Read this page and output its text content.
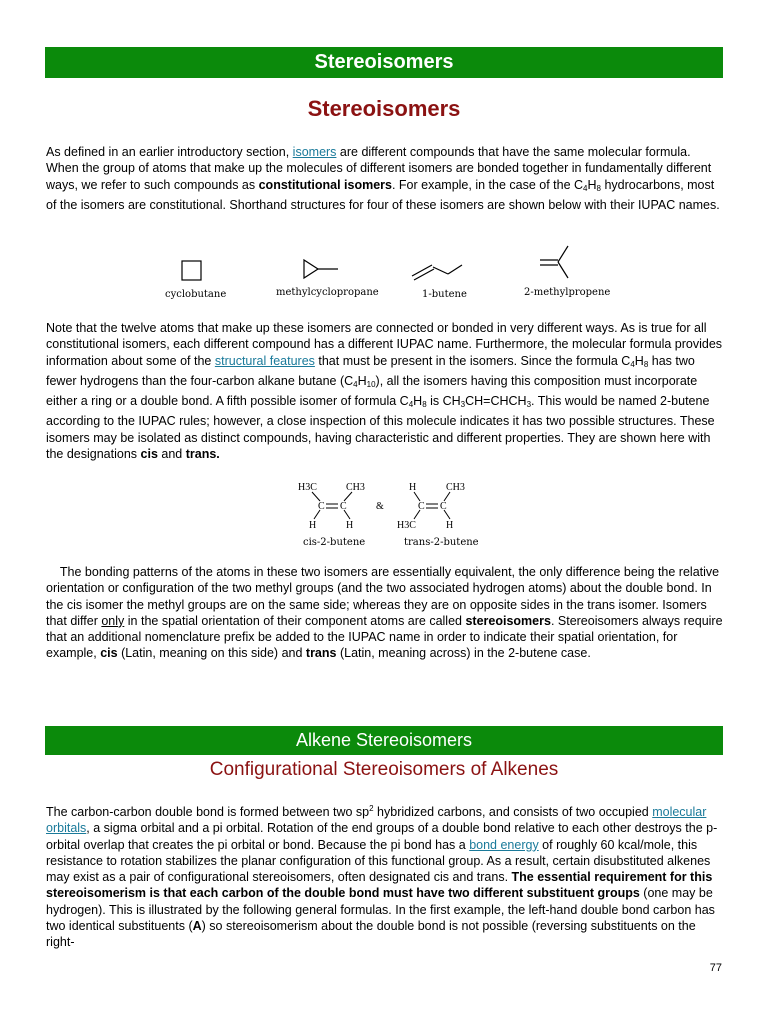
Stereoisomers
Stereoisomers

As defined in an earlier introductory section, isomers are different compounds that have the same molecular formula. When the group of atoms that make up the molecules of different isomers are bonded together in fundamentally different ways, we refer to such compounds as constitutional isomers. For example, in the case of the $C_4H_8$ hydrocarbons, most of the isomers are constitutional. Shorthand structures for four of these isomers are shown below with their IUPAC names.

cyclobutane	methylcyclopropane	1-butene	2-methylpropene

Note that the twelve atoms that make up these isomers are connected or bonded in very different ways. As is true for all constitutional isomers, each different compound has a different IUPAC name. Furthermore, the molecular formula provides information about some of the structural features that must be present in the isomers. Since the formula $C_4H_8$ has two fewer hydrogens than the four-carbon alkane butane $(C_4H_{10})$, all the isomers having this composition must incorporate either a ring or a double bond. A fifth possible isomer of formula $C_4H_8$ is $CH_3CH=CHCH_3$. This would be named 2-butene according to the IUPAC rules; however, a close inspection of this molecule indicates it has two possible structures. These isomers may be isolated as distinct compounds, having characteristic and different properties. They are shown here with the designations cis and trans.

H3C	CH3
C C
H	H
cis-2-butene
&
H	CH3
C C
H3C	H
trans-2-butene

The bonding patterns of the atoms in these two isomers are essentially equivalent, the only difference being the relative orientation or configuration of the two methyl groups (and the two associated hydrogen atoms) about the double bond. In the cis isomer the methyl groups are on the same side; whereas they are on opposite sides in the trans isomer. Isomers that differ only in the spatial orientation of their component atoms are called stereoisomers. Stereoisomers always require that an additional nomenclature prefix be added to the IUPAC name in order to indicate their spatial orientation, for example, cis (Latin, meaning on this side) and trans (Latin, meaning across) in the 2-butene case.

Alkene Stereoisomers
Configurational Stereoisomers of Alkenes

The carbon-carbon double bond is formed between two $sp^2$ hybridized carbons, and consists of two occupied molecular orbitals, a sigma orbital and a pi orbital. Rotation of the end groups of a double bond relative to each other destroys the p-orbital overlap that creates the pi orbital or bond. Because the pi bond has a bond energy of roughly 60 kcal/mole, this resistance to rotation stabilizes the planar configuration of this functional group. As a result, certain disubstituted alkenes may exist as a pair of configurational stereoisomers, often designated cis and trans. The essential requirement for this stereoisomerism is that each carbon of the double bond must have two different substituent groups (one may be hydrogen). This is illustrated by the following general formulas. In the first example, the left-hand double bond carbon has two identical substituents (A) so stereoisomerism about the double bond is not possible (reversing substituents on the right-

77
